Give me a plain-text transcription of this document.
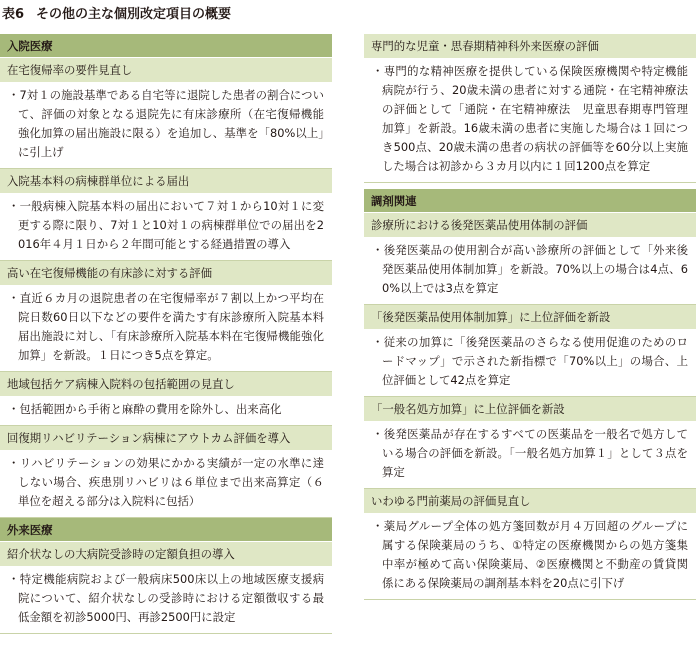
表6 その他の主な個別改定項目の概要
入院医療
在宅復帰率の要件見直し
・ 7対１の施設基準である自宅等に退院した患者の割合について、評価の対象となる退院先に有床診療所（在宅復帰機能強化加算の届出施設に限る）を追加し、基準を「80%以上」に引上げ
入院基本料の病棟群単位による届出
・ 一般病棟入院基本料の届出において７対１から10対１に変更する際に限り、7対１と10対１の病棟群単位での届出を2016年４月１日から２年間可能とする経過措置の導入
高い在宅復帰機能の有床診に対する評価
・ 直近６カ月の退院患者の在宅復帰率が７割以上かつ平均在院日数60日以下などの要件を満たす有床診療所入院基本料届出施設に対し、「有床診療所入院基本料在宅復帰機能強化加算」を新設。１日につき5点を算定。
地域包括ケア病棟入院料の包括範囲の見直し
・ 包括範囲から手術と麻酔の費用を除外し、出来高化
回復期リハビリテーション病棟にアウトカム評価を導入
・ リハビリテーションの効果にかかる実績が一定の水準に達しない場合、疾患別リハビリは６単位まで出来高算定（６単位を超える部分は入院料に包括）
外来医療
紹介状なしの大病院受診時の定額負担の導入
・ 特定機能病院および一般病床500床以上の地域医療支援病院について、紹介状なしの受診時における定額徴収する最低金額を初診5000円、再診2500円に設定
専門的な児童・思春期精神科外来医療の評価
・ 専門的な精神医療を提供している保険医療機関や特定機能病院が行う、20歳未満の患者に対する通院・在宅精神療法の評価として「通院・在宅精神療法　児童思春期専門管理加算」を新設。16歳未満の患者に実施した場合は１回につき500点、20歳未満の患者の病状の評価等を60分以上実施した場合は初診から３カ月以内に１回1200点を算定
調剤関連
診療所における後発医薬品使用体制の評価
・ 後発医薬品の使用割合が高い診療所の評価として「外来後発医薬品使用体制加算」を新設。70%以上の場合は4点、60%以上では3点を算定
「後発医薬品使用体制加算」に上位評価を新設
・ 従来の加算に「後発医薬品のさらなる使用促進のためのロードマップ」で示された新指標で「70%以上」の場合、上位評価として42点を算定
「一般名処方加算」に上位評価を新設
・ 後発医薬品が存在するすべての医薬品を一般名で処方している場合の評価を新設。「一般名処方加算１」として３点を算定
いわゆる門前薬局の評価見直し
・ 薬局グループ全体の処方箋回数が月４万回超のグループに属する保険薬局のうち、①特定の医療機関からの処方箋集中率が極めて高い保険薬局、②医療機関と不動産の賃貸関係にある保険薬局の調剤基本料を20点に引下げ
